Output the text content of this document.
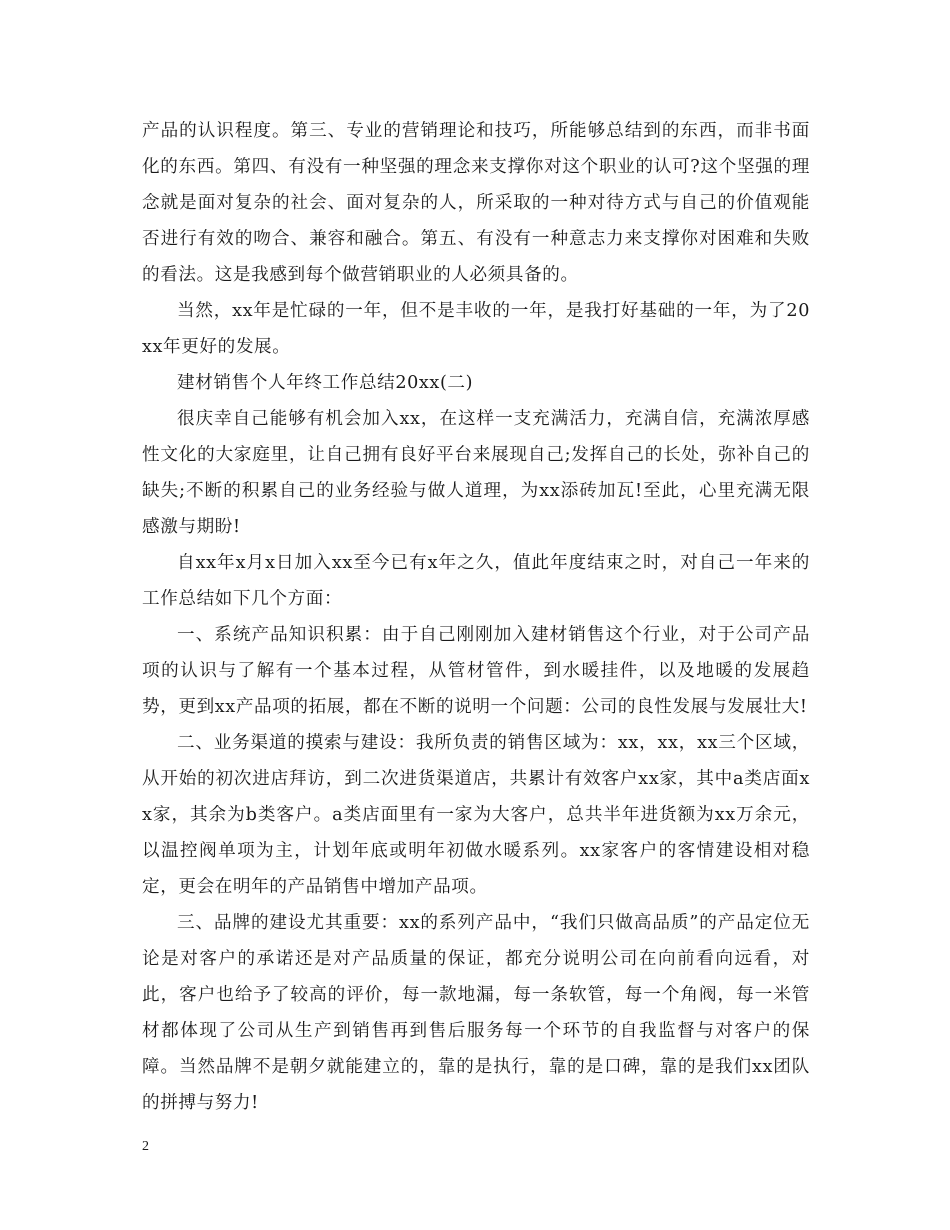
产品的认识程度。第三、专业的营销理论和技巧，所能够总结到的东西，而非书面化的东西。第四、有没有一种坚强的理念来支撑你对这个职业的认可?这个坚强的理念就是面对复杂的社会、面对复杂的人，所采取的一种对待方式与自己的价值观能否进行有效的吻合、兼容和融合。第五、有没有一种意志力来支撑你对困难和失败的看法。这是我感到每个做营销职业的人必须具备的。

当然，xx年是忙碌的一年，但不是丰收的一年，是我打好基础的一年，为了20xx年更好的发展。

建材销售个人年终工作总结20xx(二)

很庆幸自己能够有机会加入xx，在这样一支充满活力，充满自信，充满浓厚感性文化的大家庭里，让自己拥有良好平台来展现自己;发挥自己的长处，弥补自己的缺失;不断的积累自己的业务经验与做人道理，为xx添砖加瓦!至此，心里充满无限感激与期盼!

自xx年x月x日加入xx至今已有x年之久，值此年度结束之时，对自己一年来的工作总结如下几个方面：

一、系统产品知识积累：由于自己刚刚加入建材销售这个行业，对于公司产品项的认识与了解有一个基本过程，从管材管件，到水暖挂件，以及地暖的发展趋势，更到xx产品项的拓展，都在不断的说明一个问题：公司的良性发展与发展壮大!

二、业务渠道的摸索与建设：我所负责的销售区域为：xx，xx，xx三个区域，从开始的初次进店拜访，到二次进货渠道店，共累计有效客户xx家，其中a类店面xx家，其余为b类客户。a类店面里有一家为大客户，总共半年进货额为xx万余元，以温控阀单项为主，计划年底或明年初做水暖系列。xx家客户的客情建设相对稳定，更会在明年的产品销售中增加产品项。

三、品牌的建设尤其重要：xx的系列产品中，“我们只做高品质”的产品定位无论是对客户的承诺还是对产品质量的保证，都充分说明公司在向前看向远看，对此，客户也给予了较高的评价，每一款地漏，每一条软管，每一个角阀，每一米管材都体现了公司从生产到销售再到售后服务每一个环节的自我监督与对客户的保障。当然品牌不是朝夕就能建立的，靠的是执行，靠的是口碑，靠的是我们xx团队的拼搏与努力!

2
